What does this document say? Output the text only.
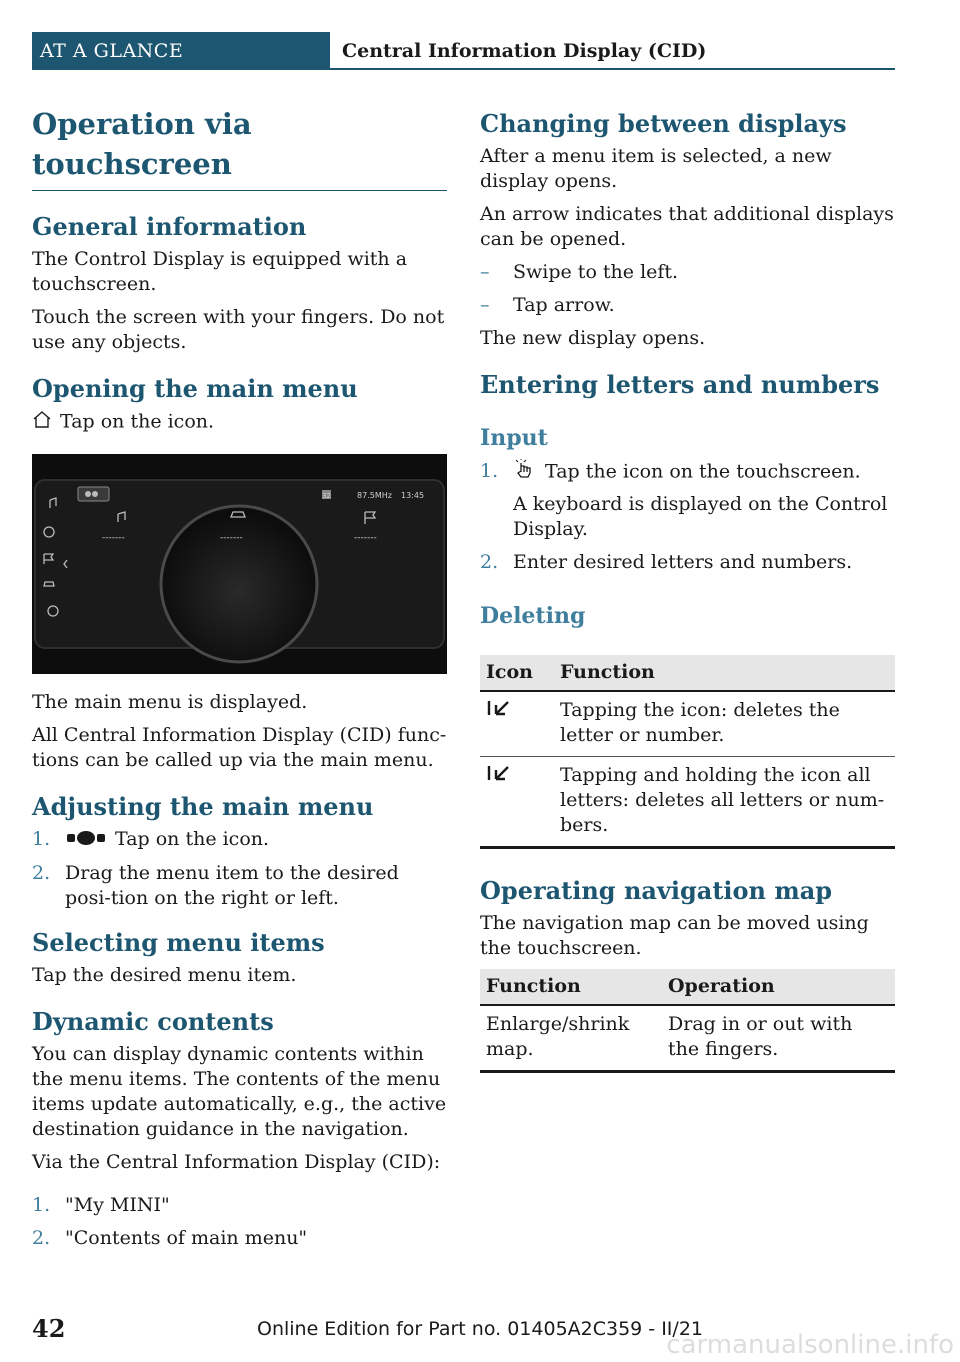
AT A GLANCE	Central Information Display (CID)
Operation via touchscreen
General information

The Control Display is equipped with a touchscreen.

Touch the screen with your fingers. Do not use any objects.

Opening the main menu

Tap on the icon.

32	87.5MHz 13:45
-------	-------	-------

The main menu is displayed.

All Central Information Display (CID) func-tions can be called up via the main menu.

Adjusting the main menu
1.	Tap on the icon.
2. Drag the menu item to the desired posi-tion on the right or left.
Selecting menu items

Tap the desired menu item.

Dynamic contents

You can display dynamic contents within the menu items. The contents of the menu items update automatically, e.g., the active destination guidance in the navigation.

Via the Central Information Display (CID):

1. "My MINI"
2. "Contents of main menu"
Changing between displays

After a menu item is selected, a new display opens.

An arrow indicates that additional displays can be opened.

–	Swipe to the left.
–	Tap arrow.

The new display opens.

Entering letters and numbers
Input
1.	Tap the icon on the touchscreen.

A keyboard is displayed on the Control Display.
2. Enter desired letters and numbers.
Deleting
Icon	Function
	Tapping the icon: deletes the letter or number.
	Tapping and holding the icon all letters: deletes all letters or num-bers.
Operating navigation map

The navigation map can be moved using the touchscreen.

Function	Operation
Enlarge/shrink map.	Drag in or out with the fingers.
42	Online Edition for Part no. 01405A2C359 - II/21
carmanualsonline.info
